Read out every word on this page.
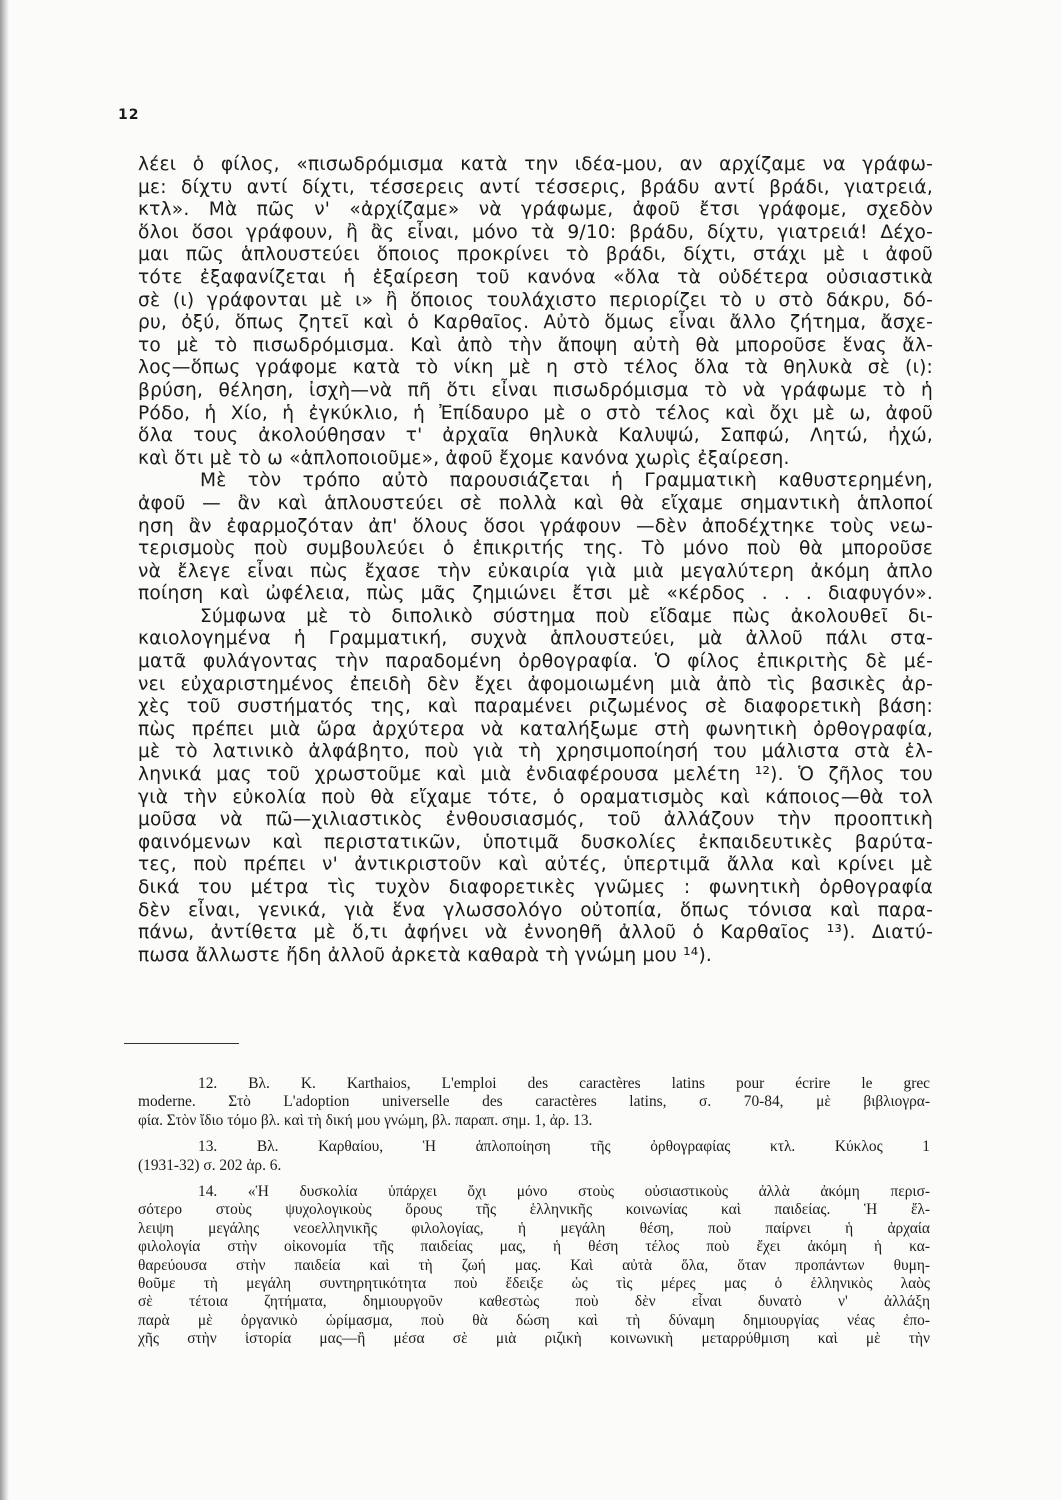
12
λέει ὁ φίλος, «πισωδρόμισμα κατὰ την ιδέα-μου, αν αρχίζαμε να γράφω-
με: δίχτυ αντί δίχτι, τέσσερεις αντί τέσσερις, βράδυ αντί βράδι, γιατρειά,
κτλ». Μὰ πῶς ν' «ἀρχίζαμε» νὰ γράφωμε, ἀφοῦ ἔτσι γράφομε, σχεδὸν
ὅλοι ὅσοι γράφουν, ἢ ἂς εἶναι, μόνο τὰ 9/10: βράδυ, δίχτυ, γιατρειά! Δέχο-
μαι πῶς ἁπλουστεύει ὅποιος προκρίνει τὸ βράδι, δίχτι, στάχι μὲ ι ἀφοῦ
τότε ἐξαφανίζεται ἡ ἐξαίρεση τοῦ κανόνα «ὅλα τὰ οὐδέτερα οὐσιαστικὰ
σὲ (ι) γράφονται μὲ ι» ἢ ὅποιος τουλάχιστο περιορίζει τὸ υ στὸ δάκρυ, δό-
ρυ, ὀξύ, ὅπως ζητεῖ καὶ ὁ Καρθαῖος. Αὐτὸ ὅμως εἶναι ἄλλο ζήτημα, ἄσχε-
το μὲ τὸ πισωδρόμισμα. Καὶ ἀπὸ τὴν ἄποψη αὐτὴ θὰ μποροῦσε ἕνας ἄλ-
λος—ὅπως γράφομε κατὰ τὸ νίκη μὲ η στὸ τέλος ὅλα τὰ θηλυκὰ σὲ (ι):
βρύση, θέληση, ἰσχὴ—νὰ πῆ ὅτι εἶναι πισωδρόμισμα τὸ νὰ γράφωμε τὸ ἡ
Ρόδο, ἡ Χίο, ἡ ἐγκύκλιο, ἡ Ἐπίδαυρο μὲ ο στὸ τέλος καὶ ὄχι μὲ ω, ἀφοῦ
ὅλα τους ἀκολούθησαν τ' ἀρχαῖα θηλυκὰ Καλυψώ, Σαπφώ, Λητώ, ἠχώ,
καὶ ὅτι μὲ τὸ ω «ἁπλοποιοῦμε», ἀφοῦ ἔχομε κανόνα χωρὶς ἐξαίρεση.
Μὲ τὸν τρόπο αὐτὸ παρουσιάζεται ἡ Γραμματικὴ καθυστερημένη,
ἀφοῦ — ἂν καὶ ἁπλουστεύει σὲ πολλὰ καὶ θὰ εἴχαμε σημαντικὴ ἁπλοποί
ηση ἂν ἐφαρμοζόταν ἀπ' ὅλους ὅσοι γράφουν —δὲν ἀποδέχτηκε τοὺς νεω-
τερισμοὺς ποὺ συμβουλεύει ὁ ἐπικριτής της. Τὸ μόνο ποὺ θὰ μποροῦσε
νὰ ἔλεγε εἶναι πὼς ἔχασε τὴν εὐκαιρία γιὰ μιὰ μεγαλύτερη ἀκόμη ἁπλο
ποίηση καὶ ὠφέλεια, πὼς μᾶς ζημιώνει ἔτσι μὲ «κέρδος . . . διαφυγόν».
Σύμφωνα μὲ τὸ διπολικὸ σύστημα ποὺ εἴδαμε πὼς ἀκολουθεῖ δι-
καιολογημένα ἡ Γραμματική, συχνὰ ἁπλουστεύει, μὰ ἀλλοῦ πάλι στα-
ματᾶ φυλάγοντας τὴν παραδομένη ὀρθογραφία. Ὁ φίλος ἐπικριτὴς δὲ μέ-
νει εὐχαριστημένος ἐπειδὴ δὲν ἔχει ἀφομοιωμένη μιὰ ἀπὸ τὶς βασικὲς ἀρ-
χὲς τοῦ συστήματός της, καὶ παραμένει ριζωμένος σὲ διαφορετικὴ βάση:
πὼς πρέπει μιὰ ὥρα ἀρχύτερα νὰ καταλήξωμε στὴ φωνητικὴ ὀρθογραφία,
μὲ τὸ λατινικὸ ἀλφάβητο, ποὺ γιὰ τὴ χρησιμοποίησή του μάλιστα στὰ ἑλ-
ληνικά μας τοῦ χρωστοῦμε καὶ μιὰ ἐνδιαφέρουσα μελέτη ¹²). Ὁ ζῆλος του
γιὰ τὴν εὐκολία ποὺ θὰ εἴχαμε τότε, ὁ οραματισμὸς καὶ κάποιος—θὰ τολ
μοῦσα νὰ πῶ—χιλιαστικὸς ἐνθουσιασμός, τοῦ ἀλλάζουν τὴν προοπτικὴ
φαινόμενων καὶ περιστατικῶν, ὑποτιμᾶ δυσκολίες ἐκπαιδευτικὲς βαρύτα-
τες, ποὺ πρέπει ν' ἀντικριστοῦν καὶ αὐτές, ὑπερτιμᾶ ἄλλα καὶ κρίνει μὲ
δικά του μέτρα τὶς τυχὸν διαφορετικὲς γνῶμες : φωνητικὴ ὀρθογραφία
δὲν εἶναι, γενικά, γιὰ ἕνα γλωσσολόγο οὐτοπία, ὅπως τόνισα καὶ παρα-
πάνω, ἀντίθετα μὲ ὅ,τι ἀφήνει νὰ ἐννοηθῆ ἀλλοῦ ὁ Καρθαῖος ¹³). Διατύ-
πωσα ἄλλωστε ἤδη ἀλλοῦ ἀρκετὰ καθαρὰ τὴ γνώμη μου ¹⁴).
12. Βλ. K. Karthaios, L'emploi des caractères latins pour écrire le grec
moderne. Στὸ L'adoption universelle des caractères latins, σ. 70-84, μὲ βιβλιογρα-
φία. Στὸν ἴδιο τόμο βλ. καὶ τὴ δική μου γνώμη, βλ. παραπ. σημ. 1, ἀρ. 13.
13. Βλ. Καρθαίου, Ἡ ἁπλοποίηση τῆς ὀρθογραφίας κτλ. Κύκλος 1
(1931-32) σ. 202 ἀρ. 6.
14. «Ἡ δυσκολία ὑπάρχει ὄχι μόνο στοὺς οὐσιαστικοὺς ἀλλὰ ἀκόμη περισ-
σότερο στοὺς ψυχολογικοὺς ὅρους τῆς ἑλληνικῆς κοινωνίας καὶ παιδείας. Ἡ ἔλ-
λειψη μεγάλης νεοελληνικῆς φιλολογίας, ἡ μεγάλη θέση, ποὺ παίρνει ἡ ἀρχαία
φιλολογία στὴν οἰκονομία τῆς παιδείας μας, ἡ θέση τέλος ποὺ ἔχει ἀκόμη ἡ κα-
θαρεύουσα στὴν παιδεία καὶ τὴ ζωή μας. Καὶ αὐτὰ ὅλα, ὅταν προπάντων θυμη-
θοῦμε τὴ μεγάλη συντηρητικότητα ποὺ ἔδειξε ὡς τὶς μέρες μας ὁ ἑλληνικὸς λαὸς
σὲ τέτοια ζητήματα, δημιουργοῦν καθεστὼς ποὺ δὲν εἶναι δυνατὸ ν' ἀλλάξη
παρὰ μὲ ὀργανικὸ ὡρίμασμα, ποὺ θὰ δώση καὶ τὴ δύναμη δημιουργίας νέας ἐπο-
χῆς στὴν ἱστορία μας—ἢ μέσα σὲ μιὰ ριζικὴ κοινωνικὴ μεταρρύθμιση καὶ μὲ τὴν
